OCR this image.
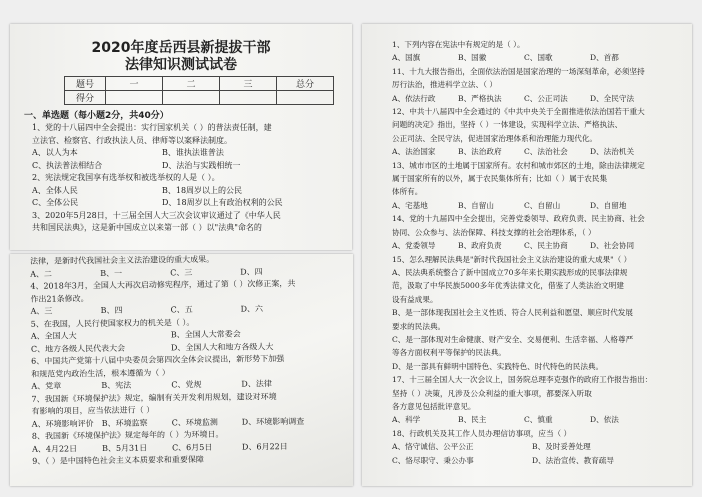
2020年度岳西县新提拔干部
法律知识测试试卷
题号	一	二	三	总分
得分				
一、单选题（每小题2分，共40分）
1、党的十八届四中全会提出：实行国家机关（ ）的普法责任制，建
立法官、检察官、行政执法人员、律师等以案释法制度。
A、以人为本	B、谁执法谁普法
C、执法普法相结合	D、法治与实践相统一
2、宪法规定我国享有选举权和被选举权的人是（ ）。
A、全体人民	B、18周岁以上的公民
C、全体公民	D、18周岁以上有政治权利的公民
3、2020年5月28日，十三届全国人大三次会议审议通过了《中华人民
共和国民法典》，这是新中国成立以来第一部（ ）以"法典"命名的
法律，是新时代我国社会主义法治建设的重大成果。
A、二	B、一	C、三	D、四
4、2018年3月，全国人大再次启动修宪程序，通过了第（ ）次修正案，共
作出21条修改。
A、三	B、四	C、五	D、六
5、在我国，人民行使国家权力的机关是（ ）。
A、全国人大	B、全国人大常委会
C、地方各级人民代表大会	D、全国人大和地方各级人大
6、中国共产党第十八届中央委员会第四次全体会议提出，新形势下加强
和规范党内政治生活，根本遵循为（ ）
A、党章	B、宪法	C、党规	D、法律
7、我国新《环境保护法》规定，编制有关开发利用规划，建设对环境
有影响的项目，应当依法进行（ ）
A、环境影响评价	B、环境监察	C、环境监测	D、环境影响调查
8、我国新《环境保护法》规定每年的（ ）为环境日。
A、4月22日	B、5月31日	C、6月5日	D、6月22日
9、（ ）是中国特色社会主义本质要求和重要保障
1、下列内容在宪法中有规定的是（ ）。
A、国旗	B、国徽	C、国歌	D、首都
11、十九大报告指出，全面依法治国是国家治理的一场深刻革命，必须坚持
厉行法治，推进科学立法、（ ）
A、依法行政	B、严格执法	C、公正司法	D、全民守法
12、中共十八届四中全会通过的《中共中央关于全面推进依法治国若干重大
问题的决定》指出，坚持（ ）一体建设，实现科学立法、严格执法、
公正司法、全民守法，促进国家治理体系和治理能力现代化。
A、法治国家	B、法治政府	C、法治社会	D、法治机关
13、城市市区的土地属于国家所有。农村和城市郊区的土地，除由法律规定
属于国家所有的以外，属于农民集体所有；比如（ ）属于农民集
体所有。
A、宅基地	B、自留山	C、自留山	D、自留地
14、党的十九届四中全会提出，完善党委领导、政府负责、民主协商、社会
协同、公众参与、法治保障、科技支撑的社会治理体系，（ ）
A、党委领导	B、政府负责	C、民主协商	D、社会协同
15、怎么理解民法典是"新时代我国社会主义法治建设的重大成果"（ ）
A、民法典系统整合了新中国成立70多年来长期实践形成的民事法律规
范，汲取了中华民族5000多年优秀法律文化，借鉴了人类法治文明建
设有益成果。
B、是一部体现我国社会主义性质、符合人民利益和愿望、顺应时代发展
要求的民法典。
C、是一部体现对生命健康、财产安全、交易便利、生活幸福、人格尊严
等各方面权利平等保护的民法典。
D、是一部具有鲜明中国特色、实践特色、时代特色的民法典。
17、十三届全国人大一次会议上，国务院总理李克强作的政府工作报告指出：
坚持（ ）决策，凡涉及公众利益的重大事项，都要深入听取
各方意见包括批评意见。
A、科学	B、民主	C、慎重	D、依法
18、行政机关及其工作人员办理信访事项，应当（ ）
A、恪守诚信、公平公正	B、及时妥善处理
C、恪尽职守、秉公办事	D、法治宣传、教育疏导
